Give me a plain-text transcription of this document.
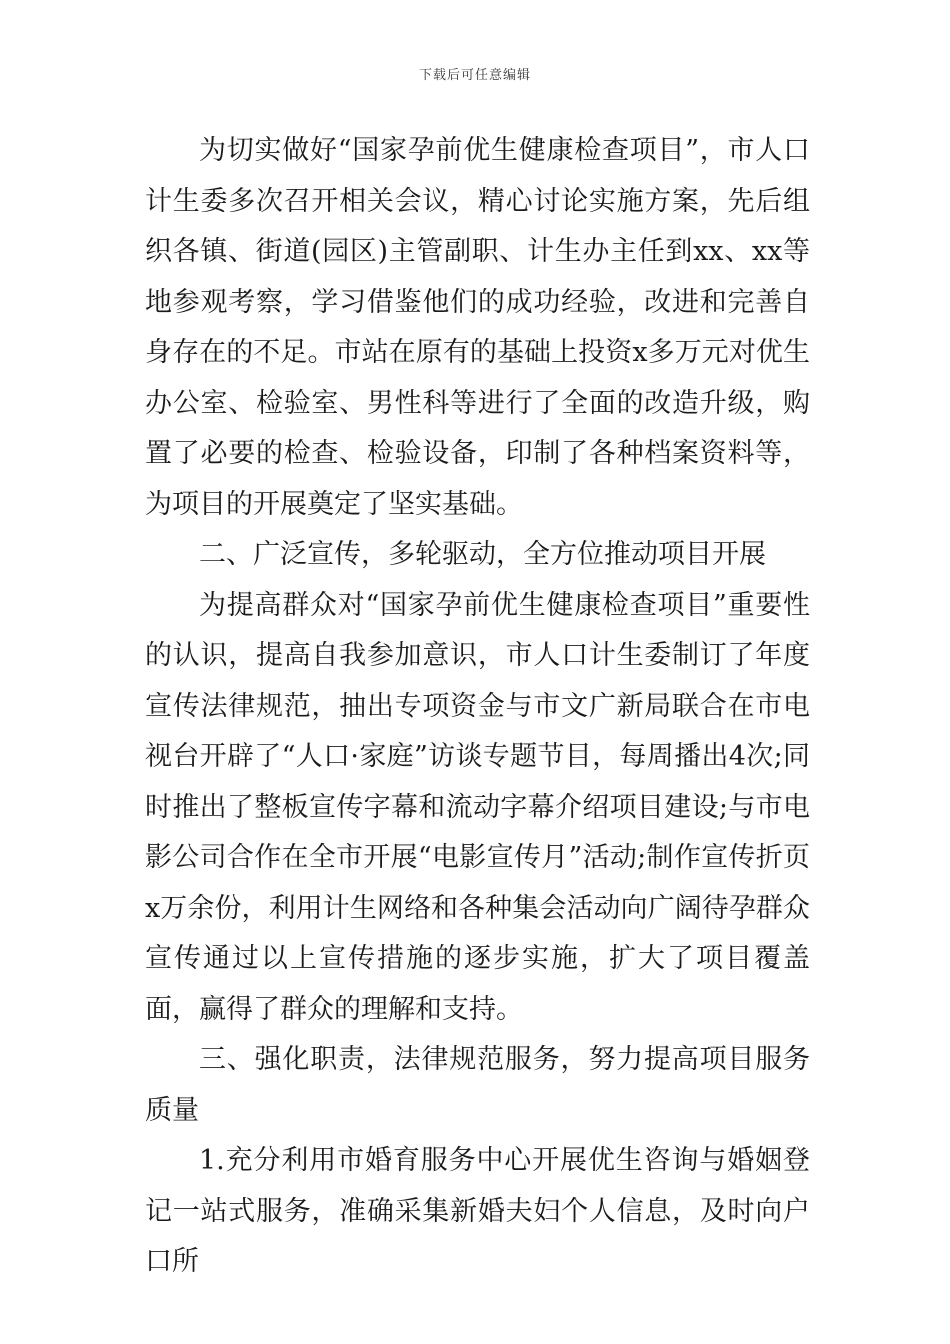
下载后可任意编辑

为切实做好“国家孕前优生健康检查项目”，市人口计生委多次召开相关会议，精心讨论实施方案，先后组织各镇、街道(园区)主管副职、计生办主任到xx、xx等地参观考察，学习借鉴他们的成功经验，改进和完善自身存在的不足。市站在原有的基础上投资x多万元对优生办公室、检验室、男性科等进行了全面的改造升级，购置了必要的检查、检验设备，印制了各种档案资料等，为项目的开展奠定了坚实基础。

二、广泛宣传，多轮驱动，全方位推动项目开展

为提高群众对“国家孕前优生健康检查项目”重要性的认识，提高自我参加意识，市人口计生委制订了年度宣传法律规范，抽出专项资金与市文广新局联合在市电视台开辟了“人口·家庭”访谈专题节目，每周播出4次;同时推出了整板宣传字幕和流动字幕介绍项目建设;与市电影公司合作在全市开展“电影宣传月”活动;制作宣传折页x万余份，利用计生网络和各种集会活动向广阔待孕群众宣传通过以上宣传措施的逐步实施，扩大了项目覆盖面，赢得了群众的理解和支持。

三、强化职责，法律规范服务，努力提高项目服务质量

1.充分利用市婚育服务中心开展优生咨询与婚姻登记一站式服务，准确采集新婚夫妇个人信息，及时向户口所
